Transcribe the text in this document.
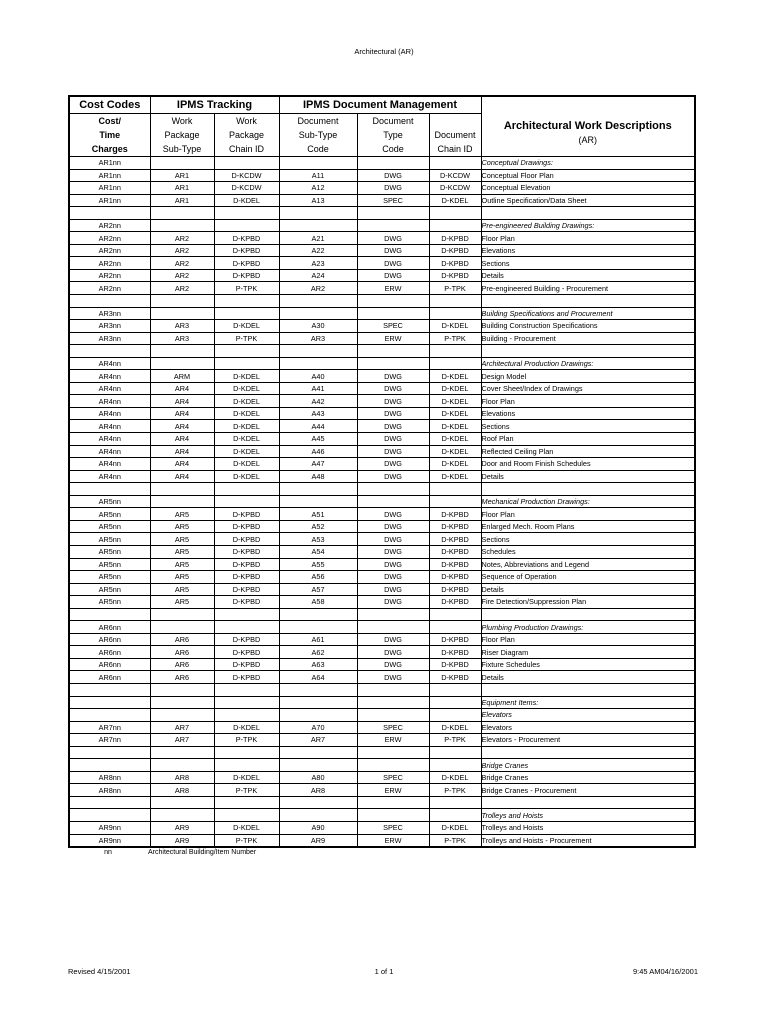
Architectural (AR)
Cost Codes	IPMS Tracking		IPMS Document Management			Architectural Work Descriptions
(AR)

Cost/
Time
Charges	Work
Package
Sub-Type	Work
Package
Chain ID	Document
Sub-Type
Code	Document
Type
Code	Document
Chain ID	

AR1nn						Conceptual Drawings:
AR1nn	AR1	D-KCDW	A11	DWG	D-KCDW	Conceptual Floor Plan
AR1nn	AR1	D-KCDW	A12	DWG	D-KCDW	Conceptual Elevation
AR1nn	AR1	D-KDEL	A13	SPEC	D-KDEL	Outline Specification/Data Sheet

AR2nn						Pre-engineered Building Drawings:
AR2nn	AR2	D-KPBD	A21	DWG	D-KPBD	Floor Plan
AR2nn	AR2	D-KPBD	A22	DWG	D-KPBD	Elevations
AR2nn	AR2	D-KPBD	A23	DWG	D-KPBD	Sections
AR2nn	AR2	D-KPBD	A24	DWG	D-KPBD	Details
AR2nn	AR2	P-TPK	AR2	ERW	P-TPK	Pre-engineered Building - Procurement

AR3nn						Building Specifications and Procurement
AR3nn	AR3	D-KDEL	A30	SPEC	D-KDEL	Building Construction Specifications
AR3nn	AR3	P-TPK	AR3	ERW	P-TPK	Building - Procurement

AR4nn						Architectural Production Drawings:
AR4nn	ARM	D-KDEL	A40	DWG	D-KDEL	Design Model
AR4nn	AR4	D-KDEL	A41	DWG	D-KDEL	Cover Sheet/Index of Drawings
AR4nn	AR4	D-KDEL	A42	DWG	D-KDEL	Floor Plan
AR4nn	AR4	D-KDEL	A43	DWG	D-KDEL	Elevations
AR4nn	AR4	D-KDEL	A44	DWG	D-KDEL	Sections
AR4nn	AR4	D-KDEL	A45	DWG	D-KDEL	Roof Plan
AR4nn	AR4	D-KDEL	A46	DWG	D-KDEL	Reflected Ceiling Plan
AR4nn	AR4	D-KDEL	A47	DWG	D-KDEL	Door and Room Finish Schedules
AR4nn	AR4	D-KDEL	A48	DWG	D-KDEL	Details

AR5nn						Mechanical Production Drawings:
AR5nn	AR5	D-KPBD	A51	DWG	D-KPBD	Floor Plan
AR5nn	AR5	D-KPBD	A52	DWG	D-KPBD	Enlarged Mech. Room Plans
AR5nn	AR5	D-KPBD	A53	DWG	D-KPBD	Sections
AR5nn	AR5	D-KPBD	A54	DWG	D-KPBD	Schedules
AR5nn	AR5	D-KPBD	A55	DWG	D-KPBD	Notes, Abbreviations and Legend
AR5nn	AR5	D-KPBD	A56	DWG	D-KPBD	Sequence of Operation
AR5nn	AR5	D-KPBD	A57	DWG	D-KPBD	Details
AR5nn	AR5	D-KPBD	A58	DWG	D-KPBD	Fire Detection/Suppression Plan

AR6nn						Plumbing Production Drawings:
AR6nn	AR6	D-KPBD	A61	DWG	D-KPBD	Floor Plan
AR6nn	AR6	D-KPBD	A62	DWG	D-KPBD	Riser Diagram
AR6nn	AR6	D-KPBD	A63	DWG	D-KPBD	Fixture Schedules
AR6nn	AR6	D-KPBD	A64	DWG	D-KPBD	Details

						Equipment Items:
						Elevators
AR7nn	AR7	D-KDEL	A70	SPEC	D-KDEL	Elevators
AR7nn	AR7	P-TPK	AR7	ERW	P-TPK	Elevators - Procurement

						Bridge Cranes
AR8nn	AR8	D-KDEL	A80	SPEC	D-KDEL	Bridge Cranes
AR8nn	AR8	P-TPK	AR8	ERW	P-TPK	Bridge Cranes - Procurement

						Trolleys and Hoists
AR9nn	AR9	D-KDEL	A90	SPEC	D-KDEL	Trolleys and Hoists
AR9nn	AR9	P-TPK	AR9	ERW	P-TPK	Trolleys and Hoists - Procurement
nn	Architectural Building/Item Number
Revised 4/15/2001	1 of 1	9:45 AM04/16/2001
